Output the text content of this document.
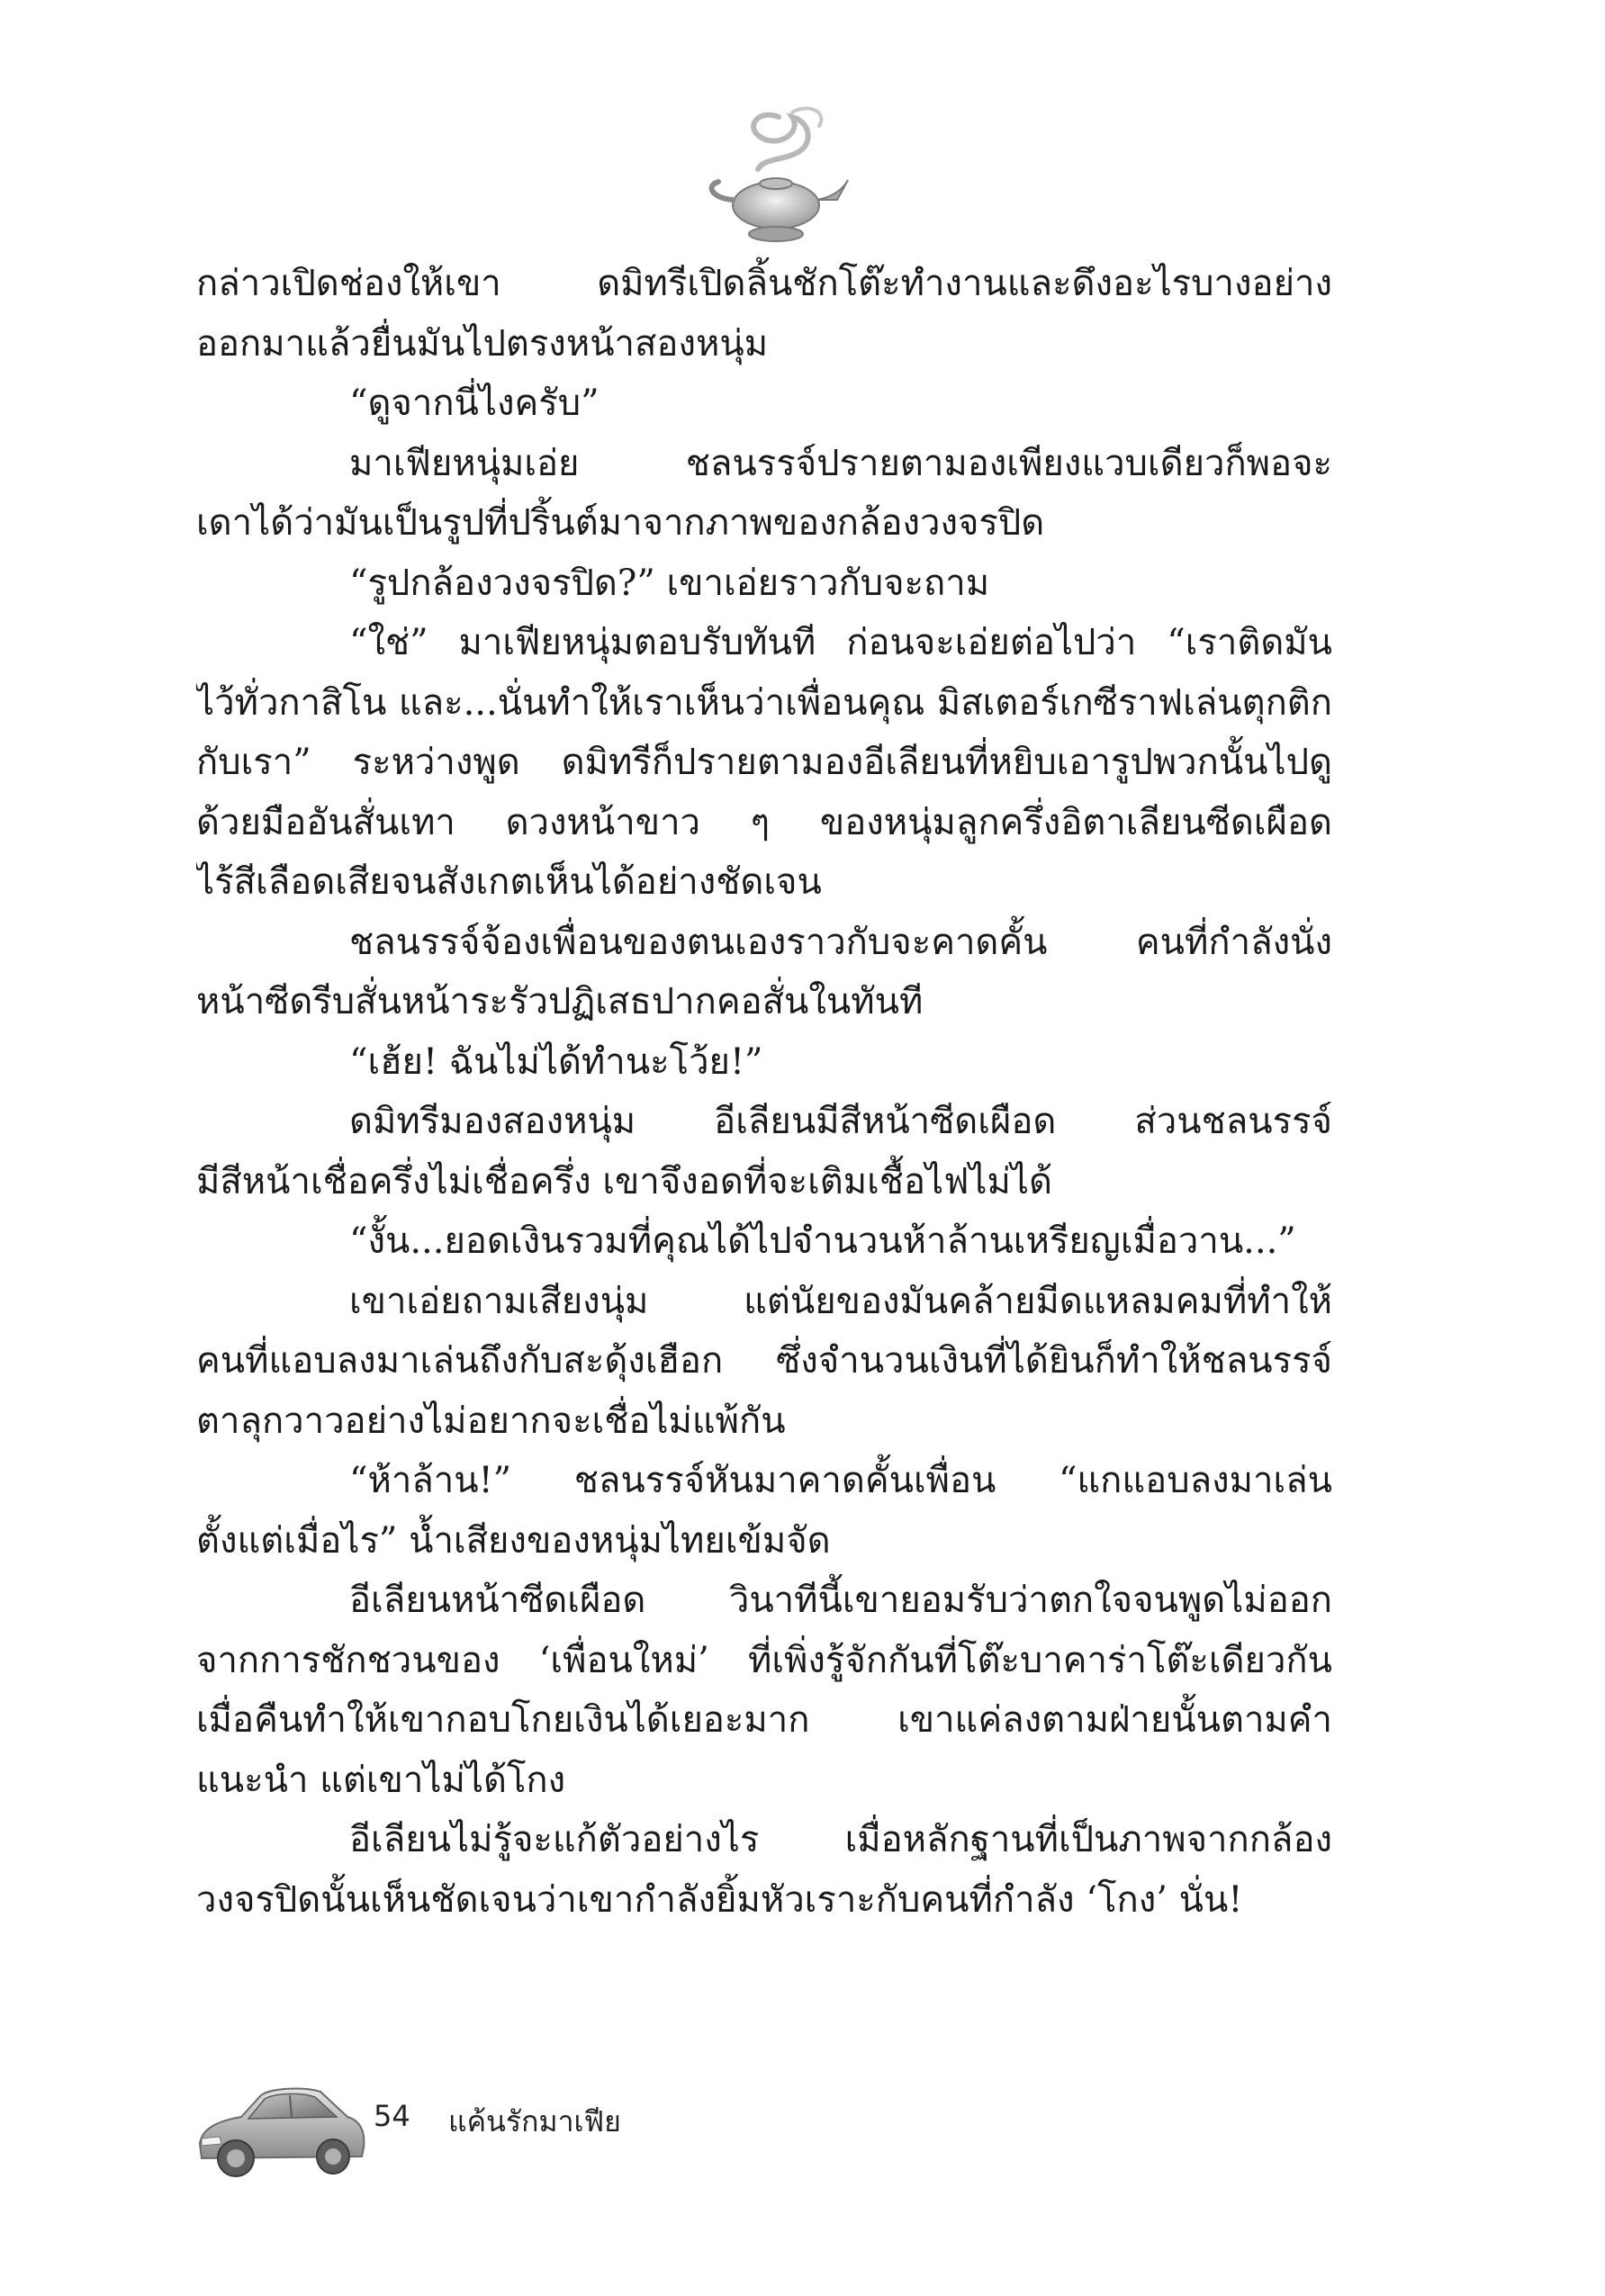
กล่าวเปิดช่องให้เขา ดมิทรีเปิดลิ้นชักโต๊ะทำงานและดึงอะไรบางอย่าง
ออกมาแล้วยื่นมันไปตรงหน้าสองหนุ่ม
“ดูจากนี่ไงครับ”
มาเฟียหนุ่มเอ่ย ชลนรรจ์ปรายตามองเพียงแวบเดียวก็พอจะ
เดาได้ว่ามันเป็นรูปที่ปริ้นต์มาจากภาพของกล้องวงจรปิด
“รูปกล้องวงจรปิด?” เขาเอ่ยราวกับจะถาม
“ใช่” มาเฟียหนุ่มตอบรับทันที ก่อนจะเอ่ยต่อไปว่า “เราติดมัน
ไว้ทั่วกาสิโน และ...นั่นทำให้เราเห็นว่าเพื่อนคุณ มิสเตอร์เกซีราฟเล่นตุกติก
กับเรา” ระหว่างพูด ดมิทรีก็ปรายตามองอีเลียนที่หยิบเอารูปพวกนั้นไปดู
ด้วยมืออันสั่นเทา ดวงหน้าขาว ๆ ของหนุ่มลูกครึ่งอิตาเลียนซีดเผือด
ไร้สีเลือดเสียจนสังเกตเห็นได้อย่างชัดเจน
ชลนรรจ์จ้องเพื่อนของตนเองราวกับจะคาดคั้น คนที่กำลังนั่ง
หน้าซีดรีบสั่นหน้าระรัวปฏิเสธปากคอสั่นในทันที
“เฮ้ย! ฉันไม่ได้ทำนะโว้ย!”
ดมิทรีมองสองหนุ่ม อีเลียนมีสีหน้าซีดเผือด ส่วนชลนรรจ์
มีสีหน้าเชื่อครึ่งไม่เชื่อครึ่ง เขาจึงอดที่จะเติมเชื้อไฟไม่ได้
“งั้น...ยอดเงินรวมที่คุณได้ไปจำนวนห้าล้านเหรียญเมื่อวาน...”
เขาเอ่ยถามเสียงนุ่ม แต่นัยของมันคล้ายมีดแหลมคมที่ทำให้
คนที่แอบลงมาเล่นถึงกับสะดุ้งเฮือก ซึ่งจำนวนเงินที่ได้ยินก็ทำให้ชลนรรจ์
ตาลุกวาวอย่างไม่อยากจะเชื่อไม่แพ้กัน
“ห้าล้าน!” ชลนรรจ์หันมาคาดคั้นเพื่อน “แกแอบลงมาเล่น
ตั้งแต่เมื่อไร” น้ำเสียงของหนุ่มไทยเข้มจัด
อีเลียนหน้าซีดเผือด วินาทีนี้เขายอมรับว่าตกใจจนพูดไม่ออก
จากการชักชวนของ ‘เพื่อนใหม่’ ที่เพิ่งรู้จักกันที่โต๊ะบาคาร่าโต๊ะเดียวกัน
เมื่อคืนทำให้เขากอบโกยเงินได้เยอะมาก เขาแค่ลงตามฝ่ายนั้นตามคำ
แนะนำ แต่เขาไม่ได้โกง
อีเลียนไม่รู้จะแก้ตัวอย่างไร เมื่อหลักฐานที่เป็นภาพจากกล้อง
วงจรปิดนั้นเห็นชัดเจนว่าเขากำลังยิ้มหัวเราะกับคนที่กำลัง ‘โกง’ นั่น!
54 แค้นรักมาเฟีย
